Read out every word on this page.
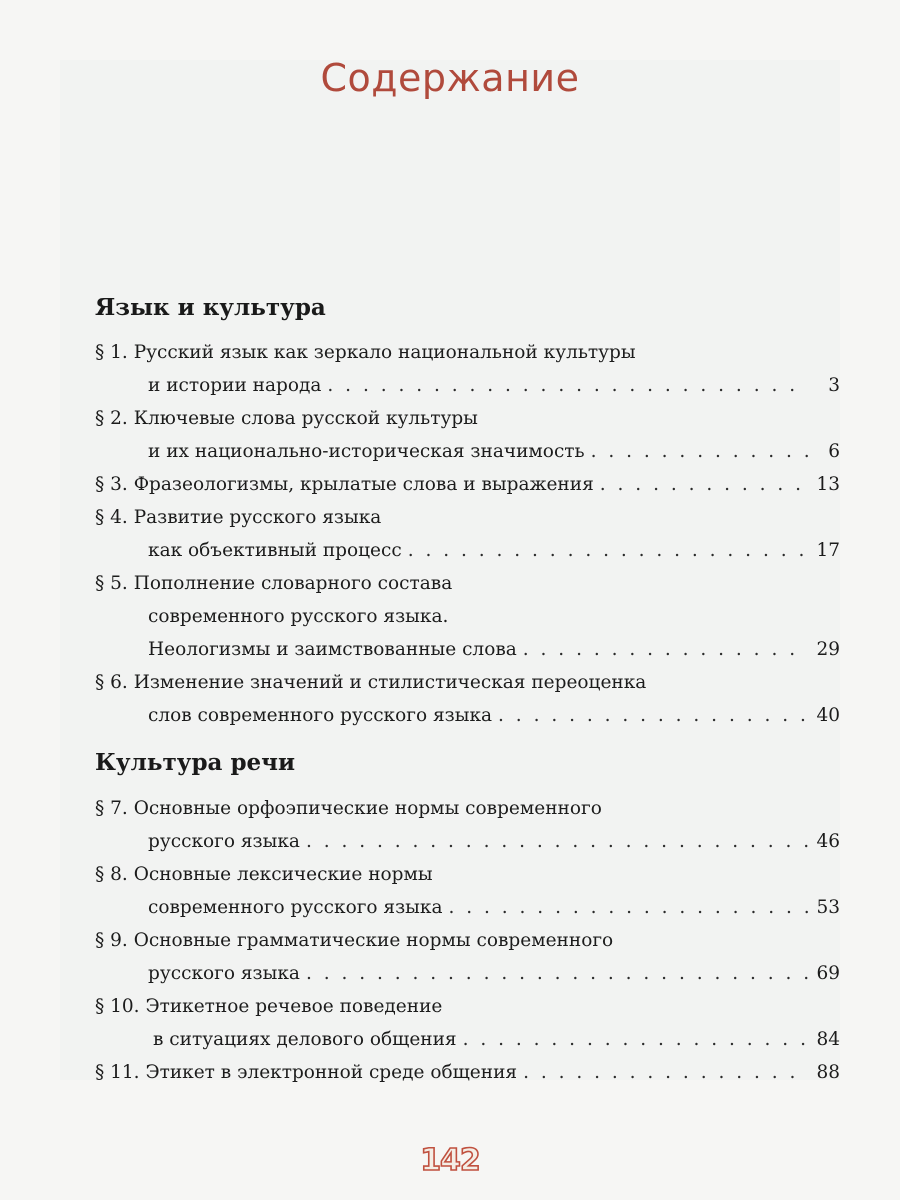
Содержание
Язык и культура
§ 1. Русский язык как зеркало национальной культуры
и истории народа . . .	3
§ 2. Ключевые слова русской культуры
и их национально-историческая значимость . . .	6
§ 3. Фразеологизмы, крылатые слова и выражения . . .	13
§ 4. Развитие русского языка
как объективный процесс . . .	17
§ 5. Пополнение словарного состава
современного русского языка.
Неологизмы и заимствованные слова . . .	29
§ 6. Изменение значений и стилистическая переоценка
слов современного русского языка . . .	40
Культура речи
§ 7. Основные орфоэпические нормы современного
русского языка . . .	46
§ 8. Основные лексические нормы
современного русского языка . . .	53
§ 9. Основные грамматические нормы современного
русского языка . . .	69
§ 10. Этикетное речевое поведение
в ситуациях делового общения . . .	84
§ 11. Этикет в электронной среде общения . . .	88
142
